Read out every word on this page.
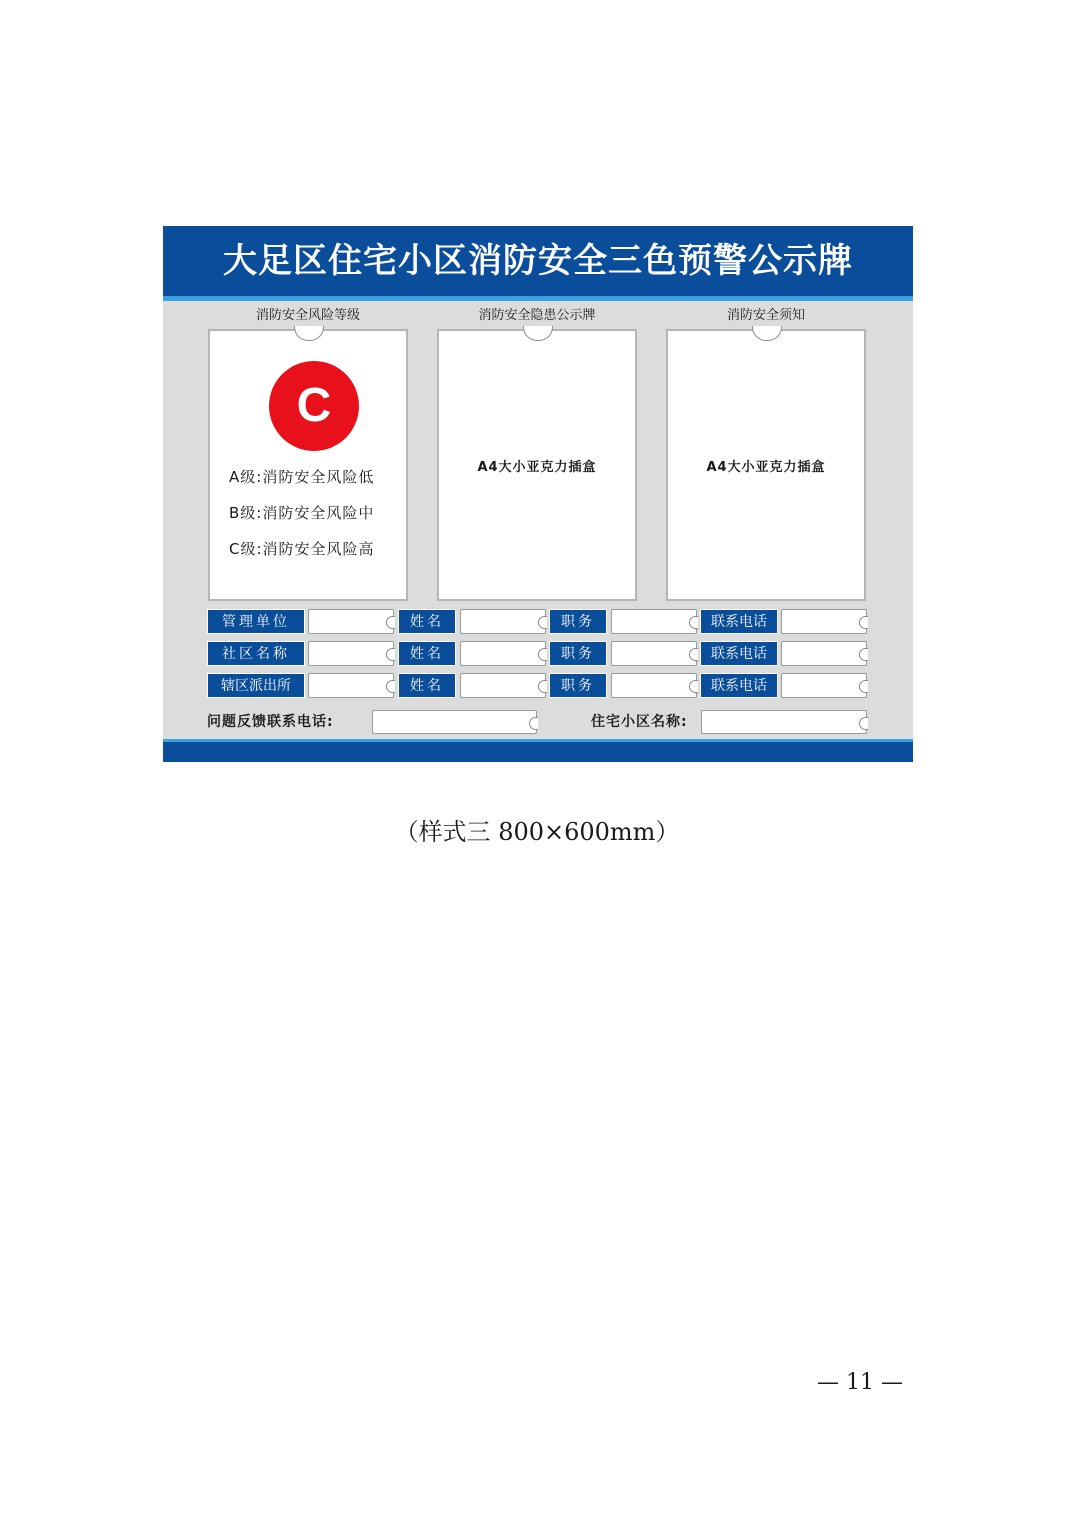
大足区住宅小区消防安全三色预警公示牌
消防安全风险等级	消防安全隐患公示牌	消防安全须知
C
A级:消防安全风险低
B级:消防安全风险中
C级:消防安全风险高
A4大小亚克力插盒	A4大小亚克力插盒
管理单位	姓名	职务	联系电话
社区名称	姓名	职务	联系电话
辖区派出所	姓名	职务	联系电话
问题反馈联系电话:	住宅小区名称:
（样式三 800×600mm）
— 11 —
